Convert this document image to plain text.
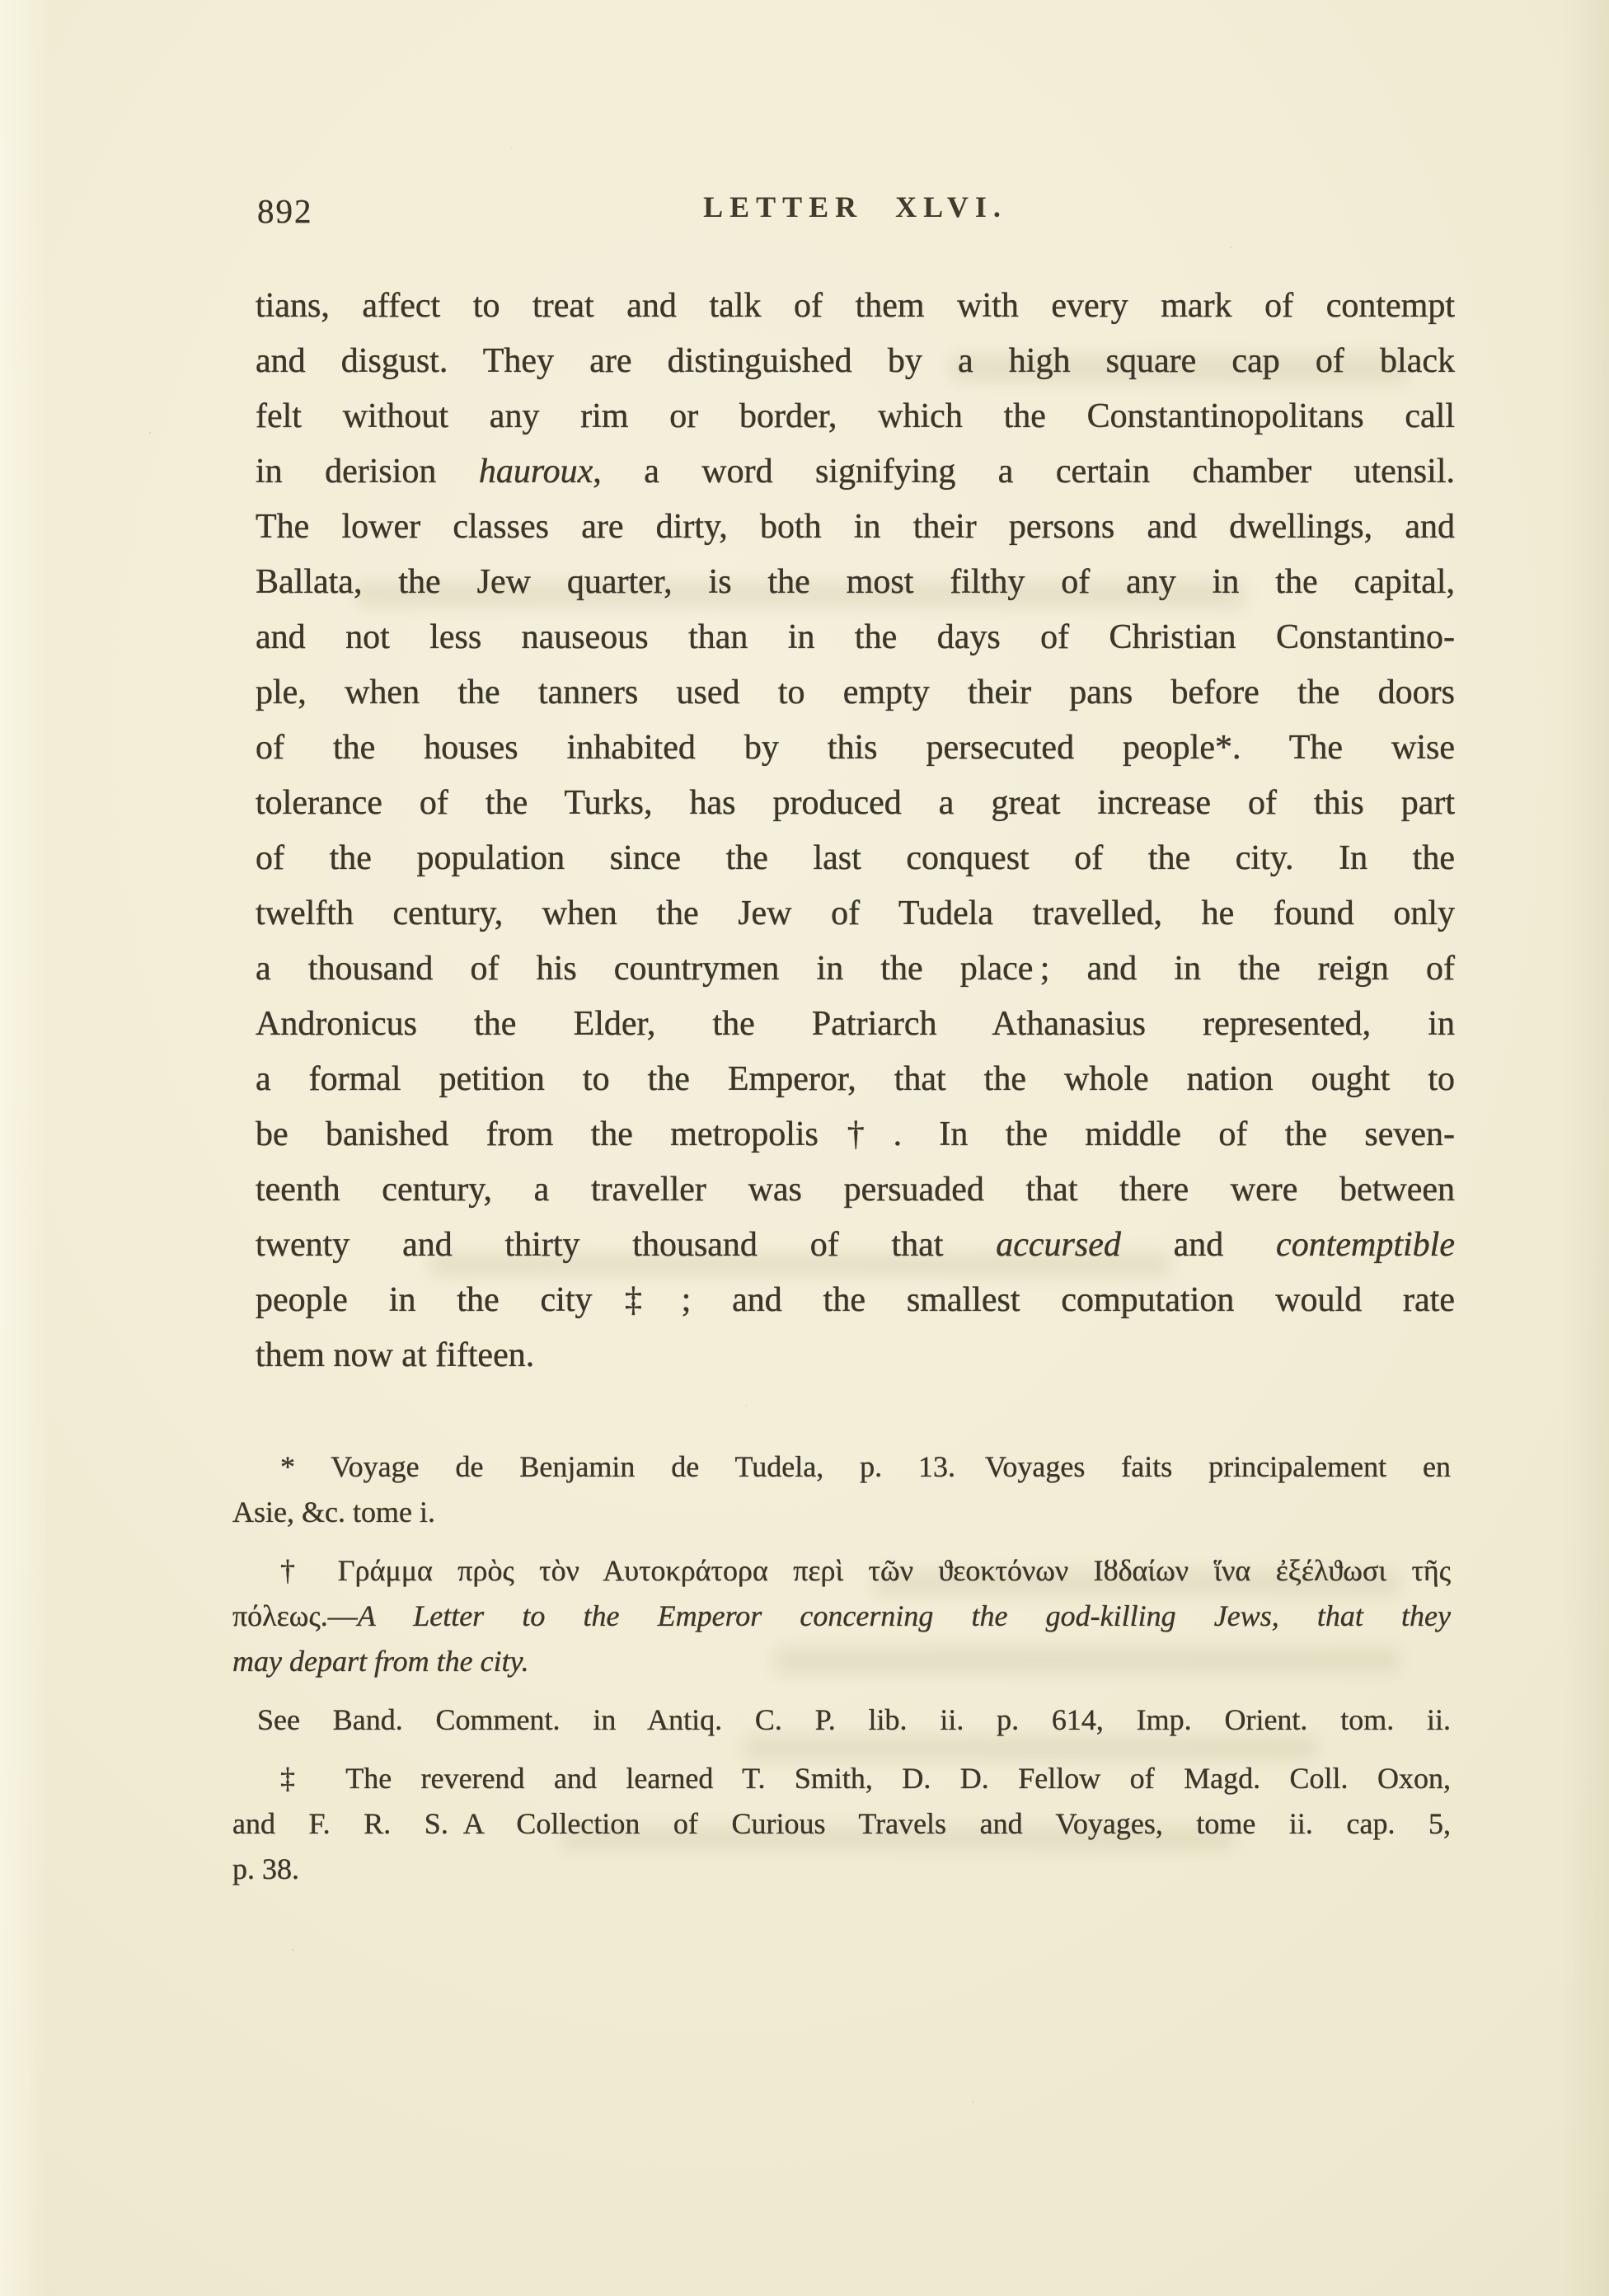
892	LETTER XLVI.
tians, affect to treat and talk of them with every mark of contempt
and disgust. They are distinguished by a high square cap of black
felt without any rim or border, which the Constantinopolitans call
in derision hauroux, a word signifying a certain chamber utensil.
The lower classes are dirty, both in their persons and dwellings, and
Ballata, the Jew quarter, is the most filthy of any in the capital,
and not less nauseous than in the days of Christian Constantino-
ple, when the tanners used to empty their pans before the doors
of the houses inhabited by this persecuted people*. The wise
tolerance of the Turks, has produced a great increase of this part
of the population since the last conquest of the city. In the
twelfth century, when the Jew of Tudela travelled, he found only
a thousand of his countrymen in the place ; and in the reign of
Andronicus the Elder, the Patriarch Athanasius represented, in
a formal petition to the Emperor, that the whole nation ought to
be banished from the metropolis†. In the middle of the seven-
teenth century, a traveller was persuaded that there were between
twenty and thirty thousand of that accursed and contemptible
people in the city‡ ; and the smallest computation would rate
them now at fifteen.
* Voyage de Benjamin de Tudela, p. 13. Voyages faits principalement en
Asie, &c. tome i.
† Γράμμα πρὸς τὸν Αυτοκράτορα περὶ τῶν ϑεοκτόνων Ιȣδαίων ἵνα ἐξέλϑωσι τῆς
πόλεως.—A Letter to the Emperor concerning the god-killing Jews, that they
may depart from the city.
See Band. Comment. in Antiq. C. P. lib. ii. p. 614, Imp. Orient. tom. ii.
‡ The reverend and learned T. Smith, D. D. Fellow of Magd. Coll. Oxon,
and F. R. S. A Collection of Curious Travels and Voyages, tome ii. cap. 5,
p. 38.
